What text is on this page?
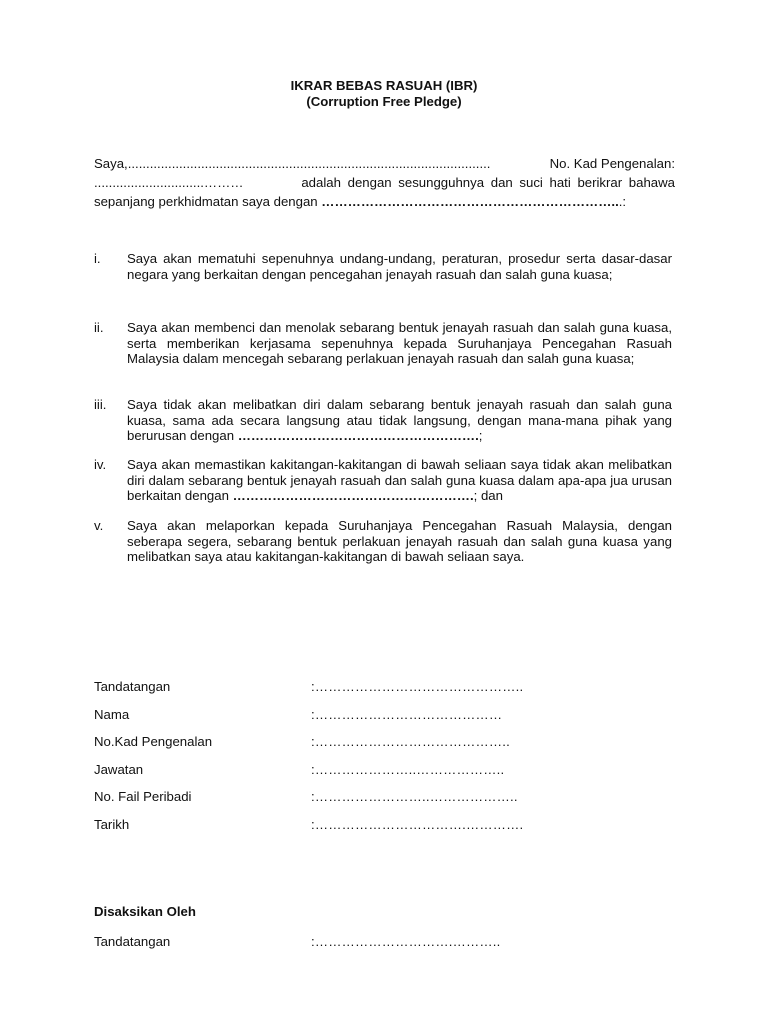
IKRAR BEBAS RASUAH (IBR)
(Corruption Free Pledge)
Saya,...................................................................................................	No. Kad Pengenalan:
..............................………	adalah dengan sesungguhnya dan suci hati berikrar bahawa
sepanjang perkhidmatan saya dengan …………………………………………………………...:
i. Saya akan mematuhi sepenuhnya undang-undang, peraturan, prosedur serta dasar-dasar negara yang berkaitan dengan pencegahan jenayah rasuah dan salah guna kuasa;
ii. Saya akan membenci dan menolak sebarang bentuk jenayah rasuah dan salah guna kuasa, serta memberikan kerjasama sepenuhnya kepada Suruhanjaya Pencegahan Rasuah Malaysia dalam mencegah sebarang perlakuan jenayah rasuah dan salah guna kuasa;
iii. Saya tidak akan melibatkan diri dalam sebarang bentuk jenayah rasuah dan salah guna kuasa, sama ada secara langsung atau tidak langsung, dengan mana-mana pihak yang berurusan dengan ……………………………………………….;
iv. Saya akan memastikan kakitangan-kakitangan di bawah seliaan saya tidak akan melibatkan diri dalam sebarang bentuk jenayah rasuah dan salah guna kuasa dalam apa-apa jua urusan berkaitan dengan ……………………………………………….; dan
v. Saya akan melaporkan kepada Suruhanjaya Pencegahan Rasuah Malaysia, dengan seberapa segera, sebarang bentuk perlakuan jenayah rasuah dan salah guna kuasa yang melibatkan saya atau kakitangan-kakitangan di bawah seliaan saya.
Tandatangan	:………………………………………..
Nama	:……………………………………
No.Kad Pengenalan	:……………………………………..
Jawatan	:…………………..………………..
No. Fail Peribadi	:……………………..………………..
Tarikh	:…………………………….………….
Disaksikan Oleh
Tandatangan	:………………………….………..
